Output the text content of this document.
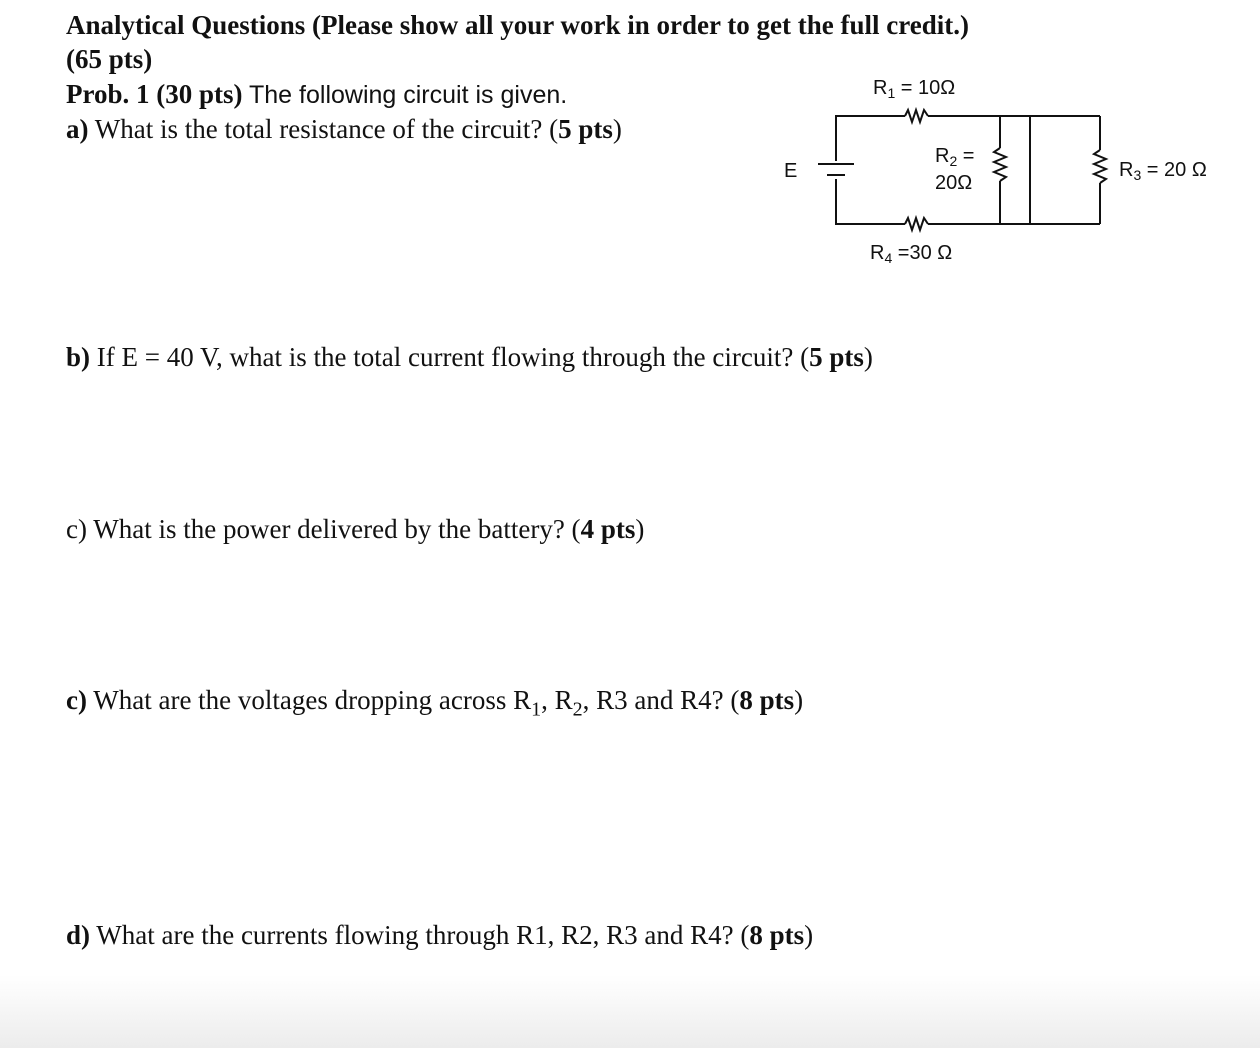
Analytical Questions (Please show all your work in order to get the full credit.)
(65 pts)
Prob. 1 (30 pts) The following circuit is given.
a) What is the total resistance of the circuit? (5 pts)
b) If E = 40 V, what is the total current flowing through the circuit? (5 pts)
c) What is the power delivered by the battery? (4 pts)
c) What are the voltages dropping across $R_1$, $R_2$, R3 and R4? (8 pts)
d) What are the currents flowing through R1, R2, R3 and R4? (8 pts)
E
$R_1 = 10\Omega$
$R_2$ =
20Ω
$R_3 = 20$ Ω
$R_4 =30$ Ω
